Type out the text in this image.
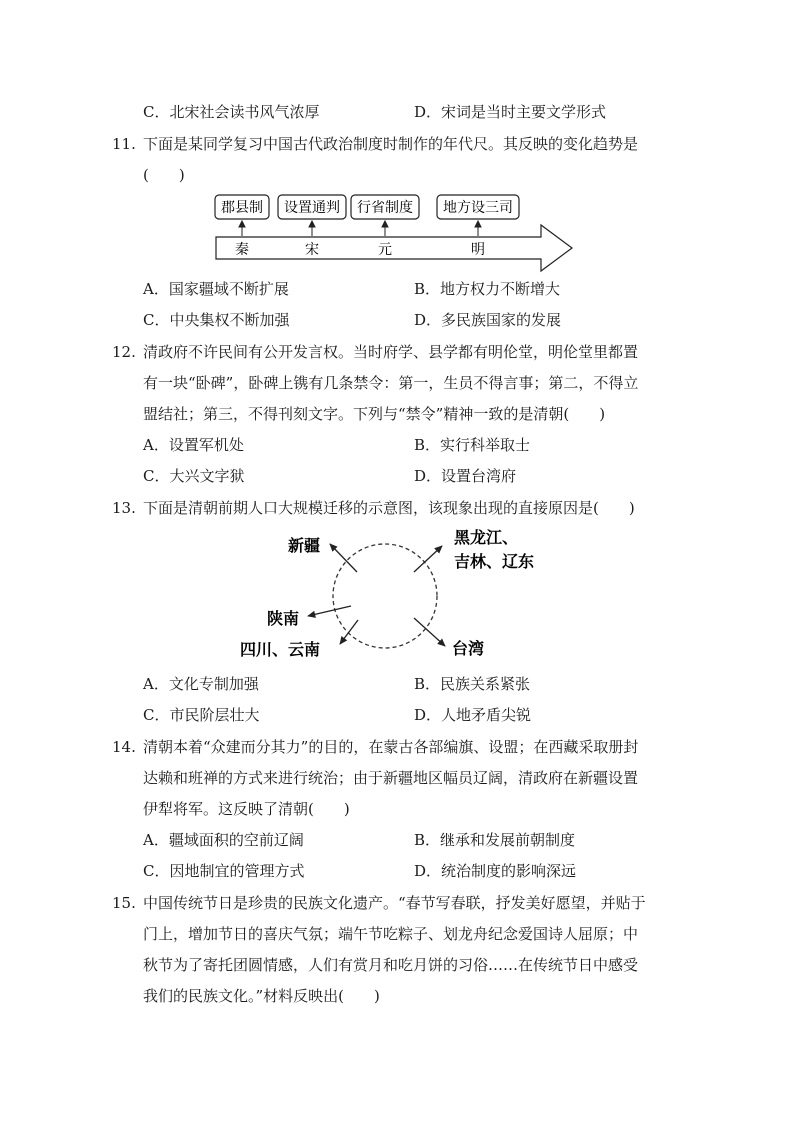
C．北宋社会读书风气浓厚	D．宋词是当时主要文学形式
11. 下面是某同学复习中国古代政治制度时制作的年代尺。其反映的变化趋势是
(　　)
郡县制 设置通判 行省制度 地方设三司
秦	宋	元	明
A．国家疆域不断扩展	B．地方权力不断增大
C．中央集权不断加强	D．多民族国家的发展
12. 清政府不许民间有公开发言权。当时府学、县学都有明伦堂，明伦堂里都置
有一块“卧碑”，卧碑上镌有几条禁令：第一，生员不得言事；第二，不得立
盟结社；第三，不得刊刻文字。下列与“禁令”精神一致的是清朝(　　)
A．设置军机处	B．实行科举取士
C．大兴文字狱	D．设置台湾府
13. 下面是清朝前期人口大规模迁移的示意图，该现象出现的直接原因是(　　)
新疆	黑龙江、
吉林、辽东
陕南
四川、云南	台湾
A．文化专制加强	B．民族关系紧张
C．市民阶层壮大	D．人地矛盾尖锐
14. 清朝本着“众建而分其力”的目的，在蒙古各部编旗、设盟；在西藏采取册封
达赖和班禅的方式来进行统治；由于新疆地区幅员辽阔，清政府在新疆设置
伊犁将军。这反映了清朝(　　)
A．疆域面积的空前辽阔	B．继承和发展前朝制度
C．因地制宜的管理方式	D．统治制度的影响深远
15. 中国传统节日是珍贵的民族文化遗产。“春节写春联，抒发美好愿望，并贴于
门上，增加节日的喜庆气氛；端午节吃粽子、划龙舟纪念爱国诗人屈原；中
秋节为了寄托团圆情感，人们有赏月和吃月饼的习俗……在传统节日中感受
我们的民族文化。”材料反映出(　　)
